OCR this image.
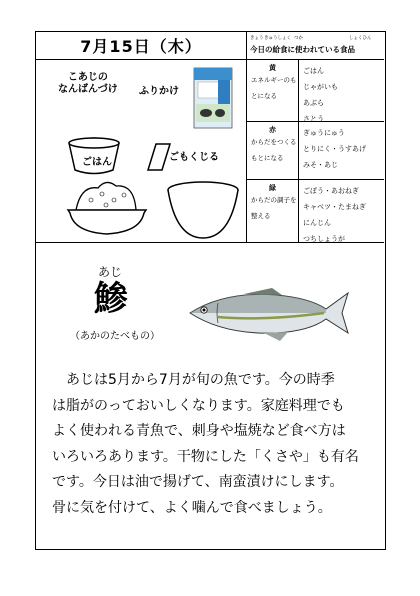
7月15日（木）	今日の給食に使われている食品
きょう きゅうしょく つか	しょくひん
こあじの
なんばんづけ ふりかけ
ごはん	ごもくじる
黄
エネルギーのも
とになる
ごはん
じゃがいも
あぶら
さとう
赤
からだをつくる
もとになる
ぎゅうにゅう
とりにく・うすあげ
みそ・あじ
緑
からだの調子を
整える
ごぼう・あおねぎ
キャベツ・たまねぎ
にんじん
つちしょうが
あじ
鯵
（あかのたべもの）
　あじは5月から7月が旬の魚です。今の時季
は脂がのっておいしくなります。家庭料理でも
よく使われる青魚で、刺身や塩焼など食べ方は
いろいろあります。干物にした「くさや」も有名
です。今日は油で揚げて、南蛮漬けにします。
骨に気を付けて、よく噛んで食べましょう。
